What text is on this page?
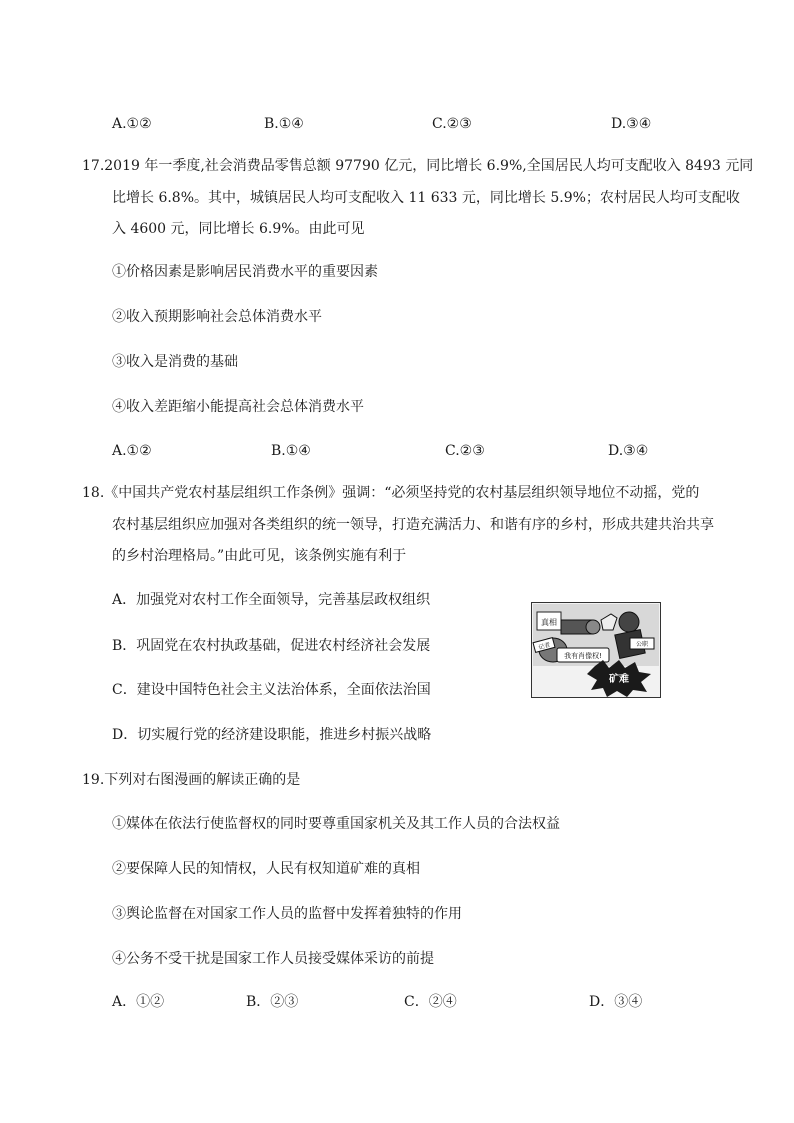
A.①②	B.①④	C.②③	D.③④
17.2019 年一季度,社会消费品零售总额 97790 亿元，同比增长 6.9%,全国居民人均可支配收入 8493 元同
比增长 6.8%。其中，城镇居民人均可支配收入 11 633 元，同比增长 5.9%；农村居民人均可支配收
入 4600 元，同比增长 6.9%。由此可见
①价格因素是影响居民消费水平的重要因素
②收入预期影响社会总体消费水平
③收入是消费的基础
④收入差距缩小能提高社会总体消费水平
A.①②	B.①④	C.②③	D.③④
18.《中国共产党农村基层组织工作条例》强调：“必须坚持党的农村基层组织领导地位不动摇，党的
农村基层组织应加强对各类组织的统一领导，打造充满活力、和谐有序的乡村，形成共建共治共享
的乡村治理格局。”由此可见，该条例实施有利于
A．加强党对农村工作全面领导，完善基层政权组织
B．巩固党在农村执政基础，促进农村经济社会发展
C．建设中国特色社会主义法治体系，全面依法治国
D．切实履行党的经济建设职能，推进乡村振兴战略
真相
记者	公职
我有肖像权!
矿难
19.下列对右图漫画的解读正确的是
①媒体在依法行使监督权的同时要尊重国家机关及其工作人员的合法权益
②要保障人民的知情权，人民有权知道矿难的真相
③舆论监督在对国家工作人员的监督中发挥着独特的作用
④公务不受干扰是国家工作人员接受媒体采访的前提
A．①②	B．②③	C．②④	D．③④
